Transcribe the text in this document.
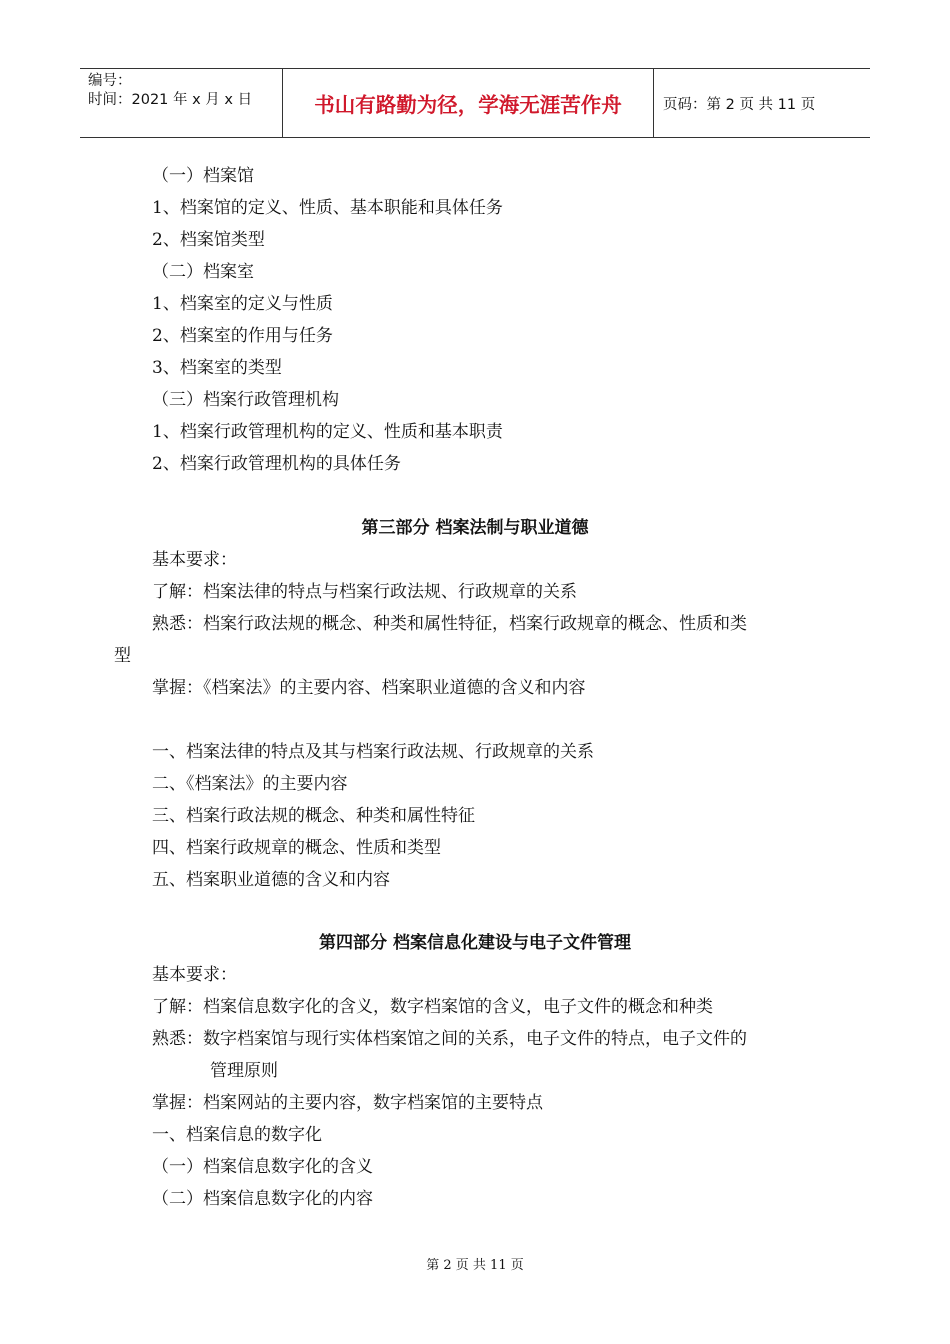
编号：
时间：2021 年 x 月 x 日	书山有路勤为径，学海无涯苦作舟	页码：第 2 页 共 11 页
（一）档案馆
1、档案馆的定义、性质、基本职能和具体任务
2、档案馆类型
（二）档案室
1、档案室的定义与性质
2、档案室的作用与任务
3、档案室的类型
（三）档案行政管理机构
1、档案行政管理机构的定义、性质和基本职责
2、档案行政管理机构的具体任务
第三部分 档案法制与职业道德
基本要求：
了解：档案法律的特点与档案行政法规、行政规章的关系
熟悉：档案行政法规的概念、种类和属性特征，档案行政规章的概念、性质和类
型
掌握：《档案法》的主要内容、档案职业道德的含义和内容
一、档案法律的特点及其与档案行政法规、行政规章的关系
二、《档案法》的主要内容
三、档案行政法规的概念、种类和属性特征
四、档案行政规章的概念、性质和类型
五、档案职业道德的含义和内容
第四部分 档案信息化建设与电子文件管理
基本要求：
了解：档案信息数字化的含义，数字档案馆的含义，电子文件的概念和种类
熟悉：数字档案馆与现行实体档案馆之间的关系，电子文件的特点，电子文件的
管理原则
掌握：档案网站的主要内容，数字档案馆的主要特点
一、档案信息的数字化
（一）档案信息数字化的含义
（二）档案信息数字化的内容
第 2 页 共 11 页
